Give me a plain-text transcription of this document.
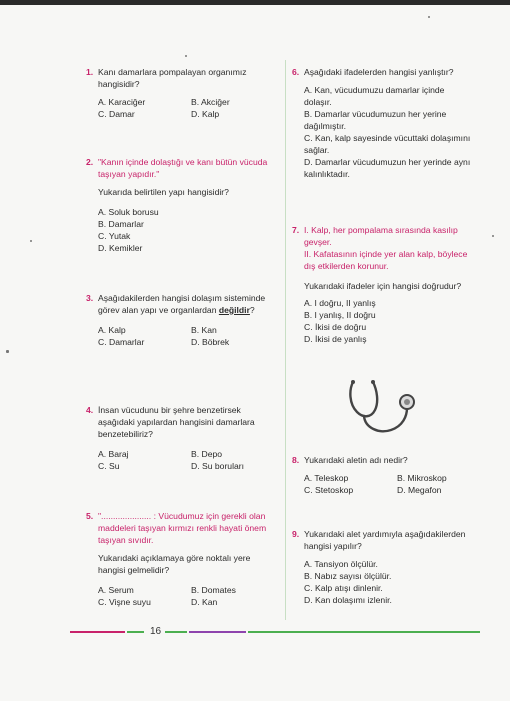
1. Kanı damarlara pompalayan organımız hangisidir?
A. Karaciğer	B. Akciğer
C. Damar	D. Kalp
2. "Kanın içinde dolaştığı ve kanı bütün vücuda taşıyan yapıdır."
Yukarıda belirtilen yapı hangisidir?
A. Soluk borusu
B. Damarlar
C. Yutak
D. Kemikler
3. Aşağıdakilerden hangisi dolaşım sisteminde görev alan yapı ve organlardan değildir?
A. Kalp	B. Kan
C. Damarlar	D. Böbrek
4. İnsan vücudunu bir şehre benzetirsek aşağıdaki yapılardan hangisini damarlara benzetebiliriz?
A. Baraj	B. Depo
C. Su	D. Su boruları
5. "..................... : Vücudumuz için gerekli olan maddeleri taşıyan kırmızı renkli hayati önem taşıyan sıvıdır.
Yukarıdaki açıklamaya göre noktalı yere hangisi gelmelidir?
A. Serum	B. Domates
C. Vişne suyu	D. Kan
6. Aşağıdaki ifadelerden hangisi yanlıştır?
A. Kan, vücudumuzu damarlar içinde dolaşır.
B. Damarlar vücudumuzun her yerine dağılmıştır.
C. Kan, kalp sayesinde vücuttaki dolaşımını sağlar.
D. Damarlar vücudumuzun her yerinde aynı kalınlıktadır.
7. I. Kalp, her pompalama sırasında kasılıp gevşer.
II. Kafatasının içinde yer alan kalp, böylece dış etkilerden korunur.
Yukarıdaki ifadeler için hangisi doğrudur?
A. I doğru, II yanlış
B. I yanlış, II doğru
C. İkisi de doğru
D. İkisi de yanlış
8. Yukarıdaki aletin adı nedir?
A. Teleskop	B. Mikroskop
C. Stetoskop	D. Megafon
9. Yukarıdaki alet yardımıyla aşağıdakilerden hangisi yapılır?
A. Tansiyon ölçülür.
B. Nabız sayısı ölçülür.
C. Kalp atışı dinlenir.
D. Kan dolaşımı izlenir.
16
